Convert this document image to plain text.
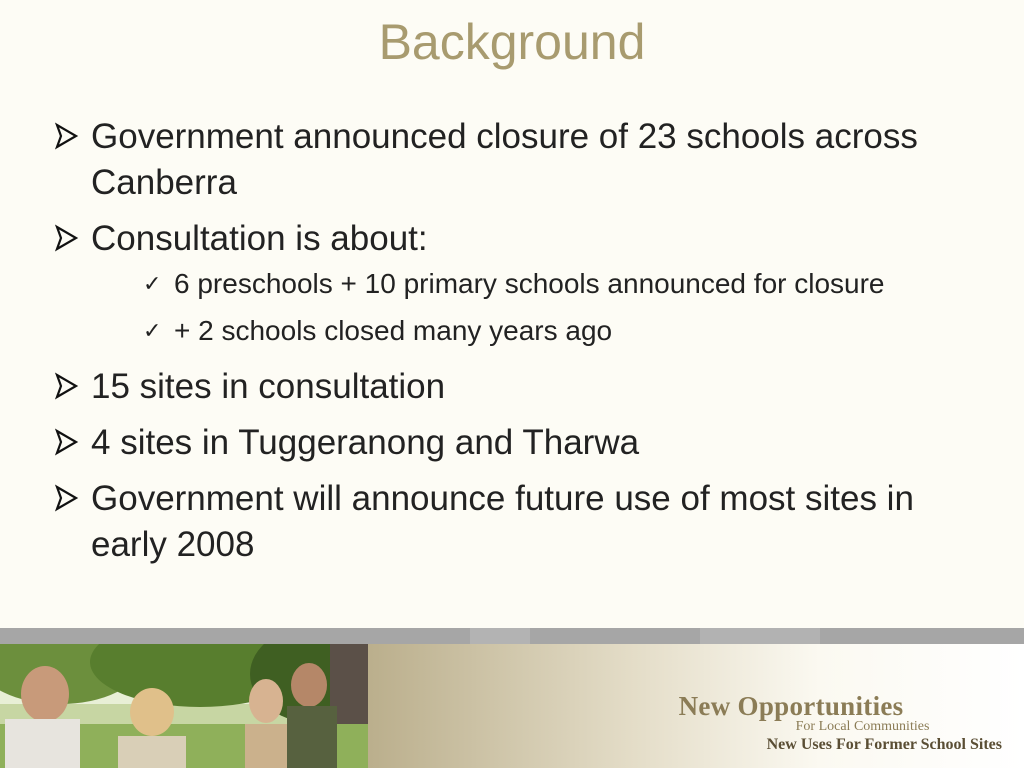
Background
Government announced closure of 23 schools across Canberra
Consultation is about:
✓ 6 preschools + 10 primary schools announced for closure
✓ + 2 schools closed many years ago
15 sites in consultation
4 sites in Tuggeranong and Tharwa
Government will announce future use of most sites in early 2008
New Opportunities
For Local Communities
New Uses For Former School Sites
